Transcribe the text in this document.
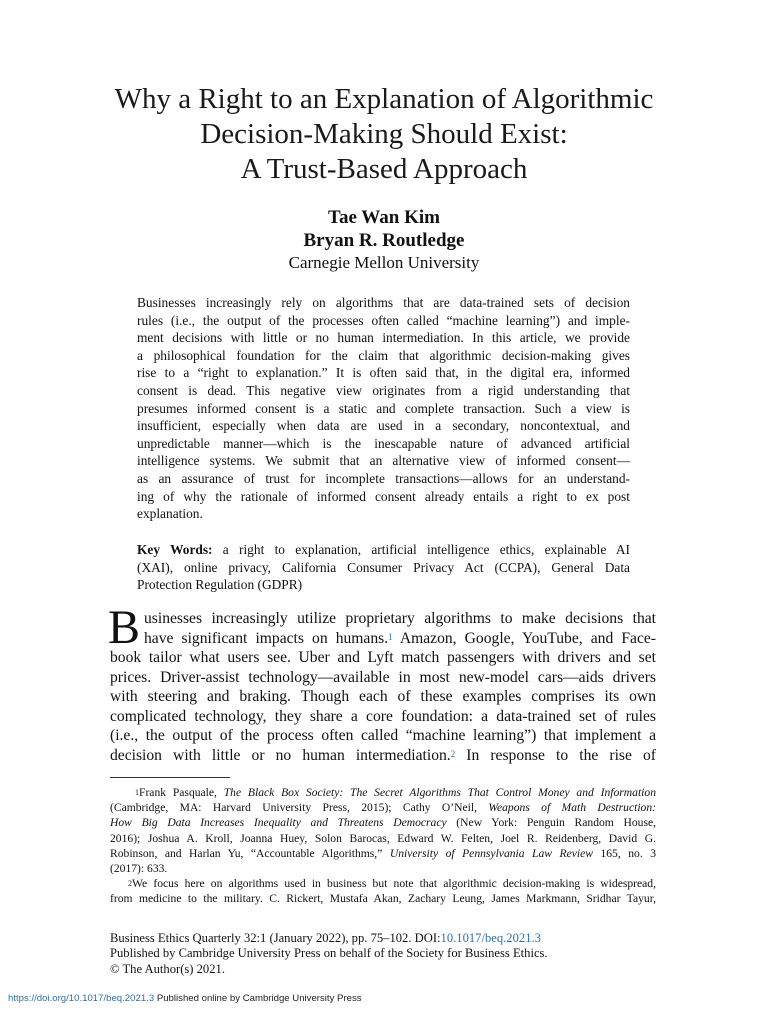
Why a Right to an Explanation of Algorithmic
Decision-Making Should Exist:
A Trust-Based Approach
Tae Wan Kim
Bryan R. Routledge
Carnegie Mellon University
Businesses increasingly rely on algorithms that are data-trained sets of decision
rules (i.e., the output of the processes often called “machine learning”) and imple-
ment decisions with little or no human intermediation. In this article, we provide
a philosophical foundation for the claim that algorithmic decision-making gives
rise to a “right to explanation.” It is often said that, in the digital era, informed
consent is dead. This negative view originates from a rigid understanding that
presumes informed consent is a static and complete transaction. Such a view is
insufficient, especially when data are used in a secondary, noncontextual, and
unpredictable manner—which is the inescapable nature of advanced artificial
intelligence systems. We submit that an alternative view of informed consent—
as an assurance of trust for incomplete transactions—allows for an understand-
ing of why the rationale of informed consent already entails a right to ex post
explanation.
Key Words: a right to explanation, artificial intelligence ethics, explainable AI
(XAI), online privacy, California Consumer Privacy Act (CCPA), General Data
Protection Regulation (GDPR)
B usinesses increasingly utilize proprietary algorithms to make decisions that
have significant impacts on humans.$^1$ Amazon, Google, YouTube, and Face-
book tailor what users see. Uber and Lyft match passengers with drivers and set
prices. Driver-assist technology—available in most new-model cars—aids drivers
with steering and braking. Though each of these examples comprises its own
complicated technology, they share a core foundation: a data-trained set of rules
(i.e., the output of the process often called “machine learning”) that implement a
decision with little or no human intermediation.$^2$ In response to the rise of
$^1$Frank Pasquale, The Black Box Society: The Secret Algorithms That Control Money and Information
(Cambridge, MA: Harvard University Press, 2015); Cathy O’Neil, Weapons of Math Destruction:
How Big Data Increases Inequality and Threatens Democracy (New York: Penguin Random House,
2016); Joshua A. Kroll, Joanna Huey, Solon Barocas, Edward W. Felten, Joel R. Reidenberg, David G.
Robinson, and Harlan Yu, “Accountable Algorithms,” University of Pennsylvania Law Review 165, no. 3
(2017): 633.
$^2$We focus here on algorithms used in business but note that algorithmic decision-making is widespread,
from medicine to the military. C. Rickert, Mustafa Akan, Zachary Leung, James Markmann, Sridhar Tayur,
Business Ethics Quarterly 32:1 (January 2022), pp. 75–102. DOI:10.1017/beq.2021.3
Published by Cambridge University Press on behalf of the Society for Business Ethics.
© The Author(s) 2021.
https://doi.org/10.1017/beq.2021.3 Published online by Cambridge University Press
